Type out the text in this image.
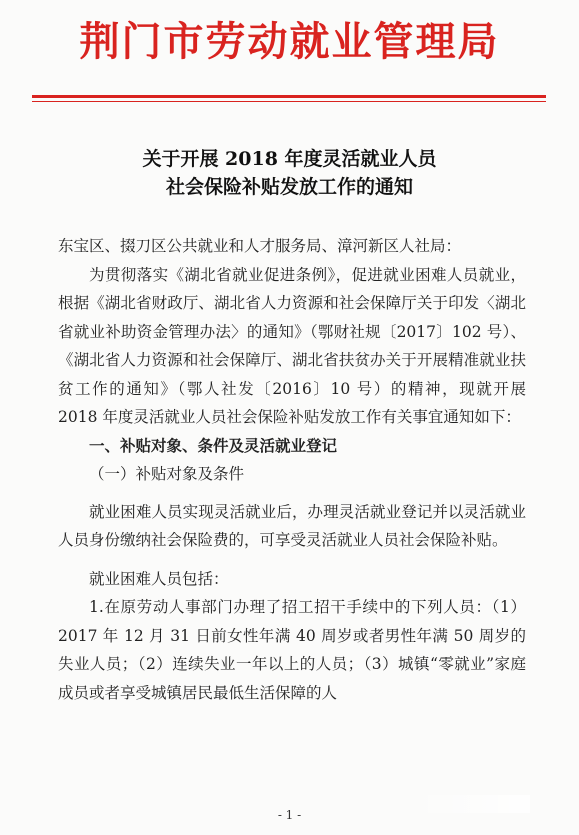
荆门市劳动就业管理局
关于开展 2018 年度灵活就业人员
社会保险补贴发放工作的通知

东宝区、掇刀区公共就业和人才服务局、漳河新区人社局：

为贯彻落实《湖北省就业促进条例》，促进就业困难人员就业，根据《湖北省财政厅、湖北省人力资源和社会保障厅关于印发〈湖北省就业补助资金管理办法〉的通知》（鄂财社规〔2017〕102 号）、《湖北省人力资源和社会保障厅、湖北省扶贫办关于开展精准就业扶贫工作的通知》（鄂人社发〔2016〕10 号）的精神，现就开展 2018 年度灵活就业人员社会保险补贴发放工作有关事宜通知如下：

一、补贴对象、条件及灵活就业登记

（一）补贴对象及条件

就业困难人员实现灵活就业后，办理灵活就业登记并以灵活就业人员身份缴纳社会保险费的，可享受灵活就业人员社会保险补贴。

就业困难人员包括：

1.在原劳动人事部门办理了招工招干手续中的下列人员：（1）2017 年 12 月 31 日前女性年满 40 周岁或者男性年满 50 周岁的失业人员；（2）连续失业一年以上的人员；（3）城镇“零就业”家庭成员或者享受城镇居民最低生活保障的人

- 1 -
